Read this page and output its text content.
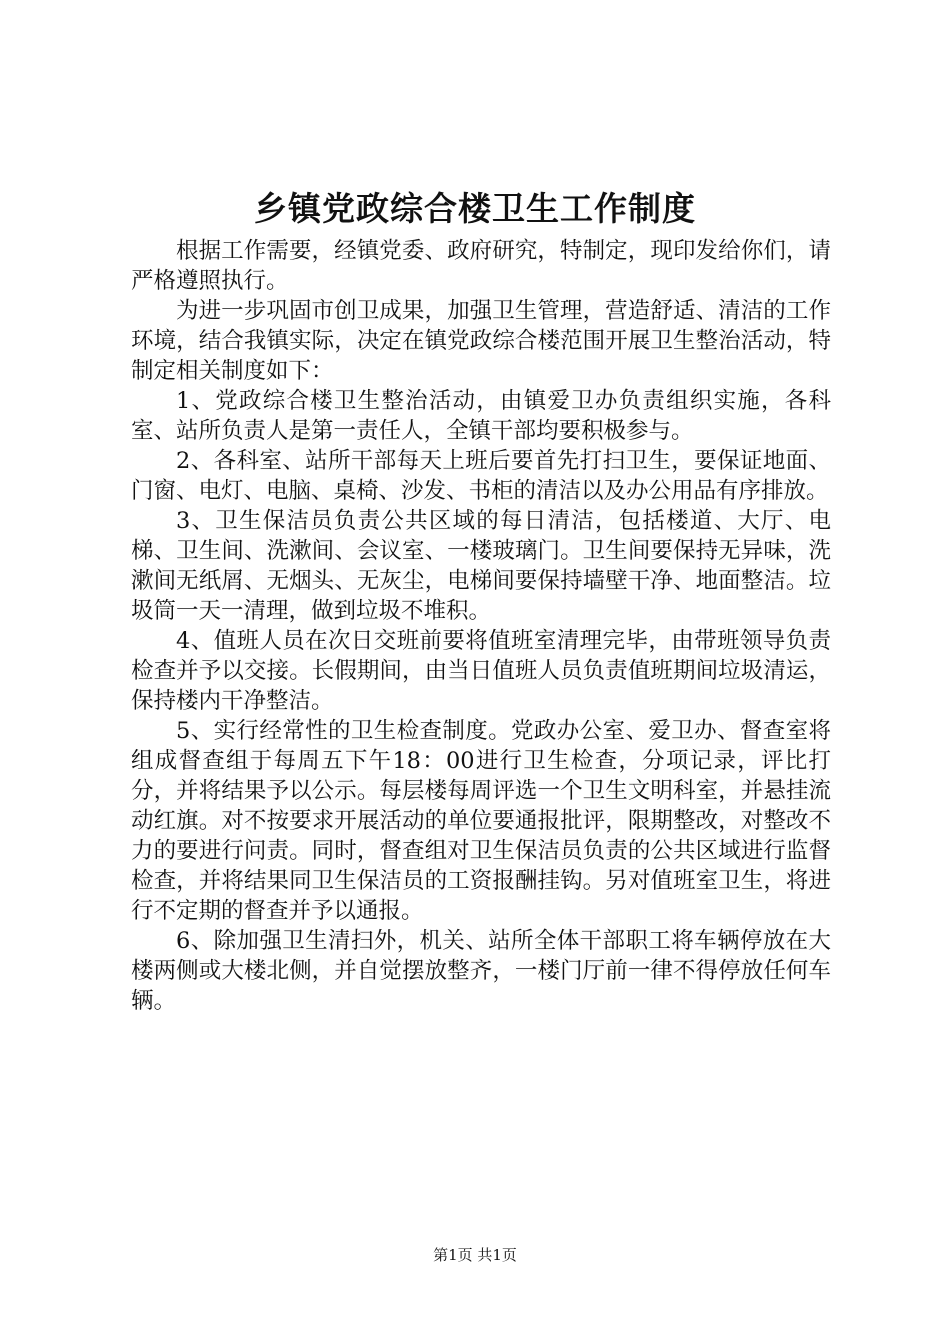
乡镇党政综合楼卫生工作制度

根据工作需要，经镇党委、政府研究，特制定，现印发给你们，请严格遵照执行。

为进一步巩固市创卫成果，加强卫生管理，营造舒适、清洁的工作环境，结合我镇实际，决定在镇党政综合楼范围开展卫生整治活动，特制定相关制度如下：

1、党政综合楼卫生整治活动，由镇爱卫办负责组织实施，各科室、站所负责人是第一责任人，全镇干部均要积极参与。

2、各科室、站所干部每天上班后要首先打扫卫生，要保证地面、门窗、电灯、电脑、桌椅、沙发、书柜的清洁以及办公用品有序排放。

3、卫生保洁员负责公共区域的每日清洁，包括楼道、大厅、电梯、卫生间、洗漱间、会议室、一楼玻璃门。卫生间要保持无异味，洗漱间无纸屑、无烟头、无灰尘，电梯间要保持墙壁干净、地面整洁。垃圾筒一天一清理，做到垃圾不堆积。

4、值班人员在次日交班前要将值班室清理完毕，由带班领导负责检查并予以交接。长假期间，由当日值班人员负责值班期间垃圾清运，保持楼内干净整洁。

5、实行经常性的卫生检查制度。党政办公室、爱卫办、督查室将组成督查组于每周五下午18：00进行卫生检查，分项记录，评比打分，并将结果予以公示。每层楼每周评选一个卫生文明科室，并悬挂流动红旗。对不按要求开展活动的单位要通报批评，限期整改，对整改不力的要进行问责。同时，督查组对卫生保洁员负责的公共区域进行监督检查，并将结果同卫生保洁员的工资报酬挂钩。另对值班室卫生，将进行不定期的督查并予以通报。

6、除加强卫生清扫外，机关、站所全体干部职工将车辆停放在大楼两侧或大楼北侧，并自觉摆放整齐，一楼门厅前一律不得停放任何车辆。

第1页 共1页
